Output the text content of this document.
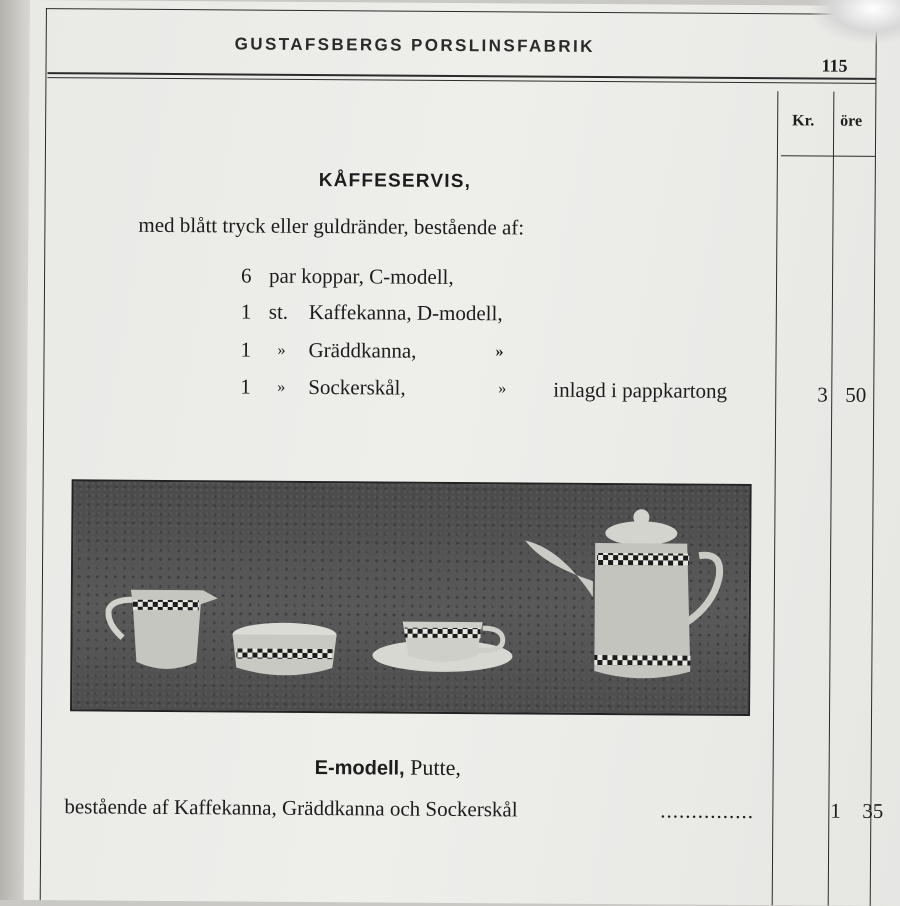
GUSTAFSBERGS PORSLINSFABRIK
115
Kr. öre
KÅFFESERVIS,
med blått tryck eller guldränder, bestående af:
6 par koppar, C-modell,
1 st. Kaffekanna, D-modell,
1 » Gräddkanna,	»
1 » Sockerskål,	» inlagd i pappkartong	3 50
E-modell, Putte,
bestående af Kaffekanna, Gräddkanna och Sockerskål	...............	1 35
